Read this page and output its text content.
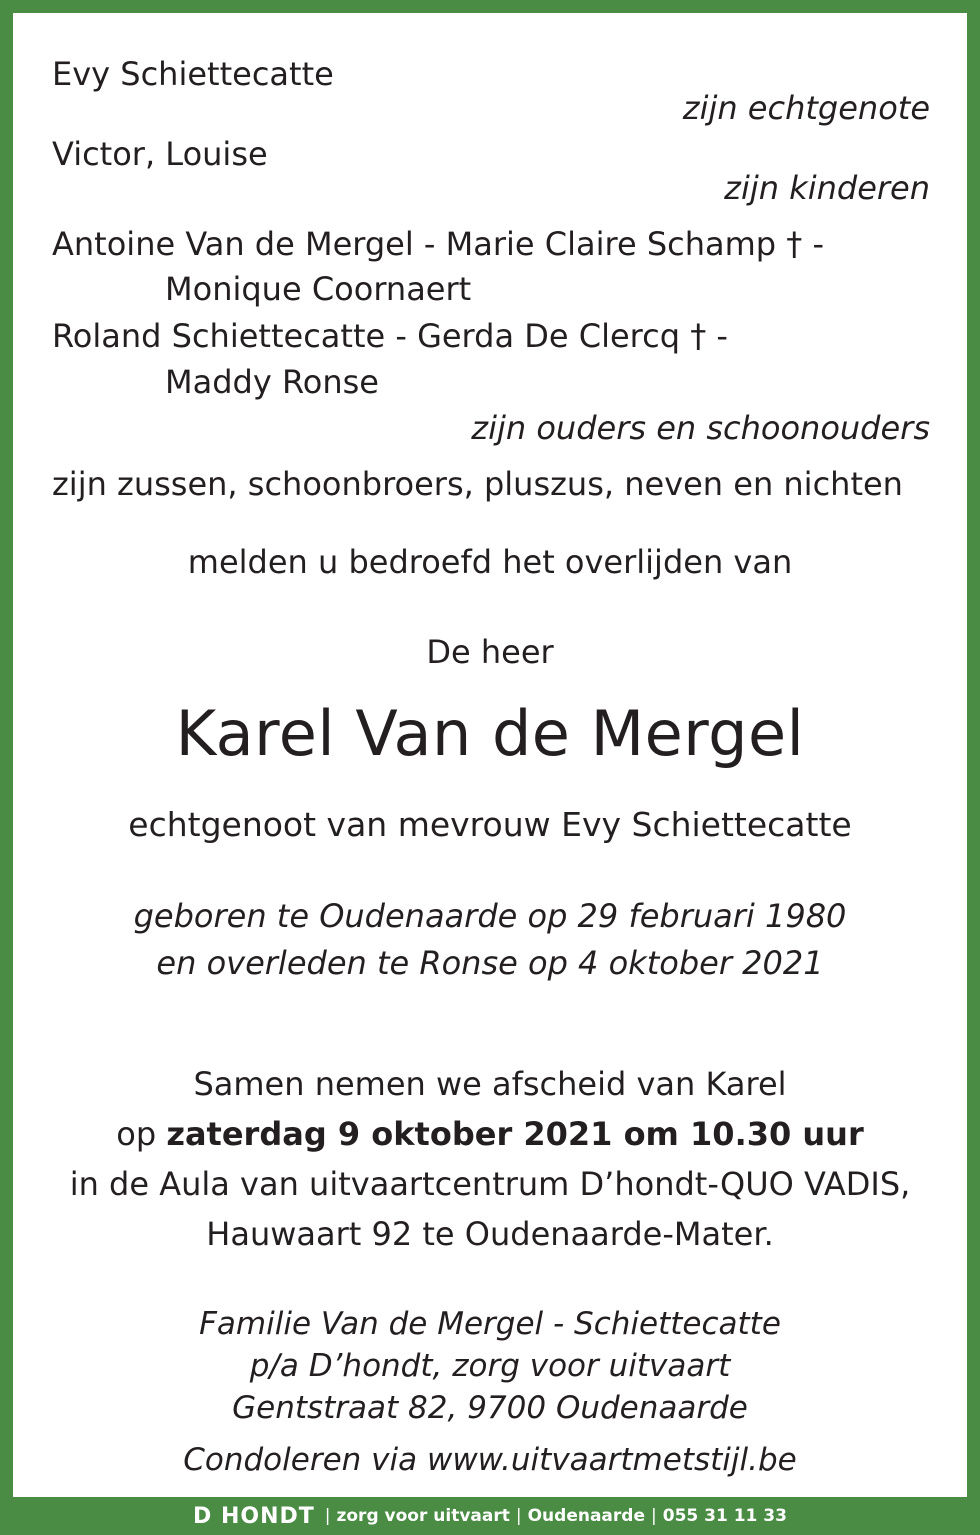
Evy Schiettecatte
zijn echtgenote
Victor, Louise
zijn kinderen
Antoine Van de Mergel - Marie Claire Schamp † -
Monique Coornaert
Roland Schiettecatte - Gerda De Clercq † -
Maddy Ronse
zijn ouders en schoonouders
zijn zussen, schoonbroers, pluszus, neven en nichten
melden u bedroefd het overlijden van
De heer
Karel Van de Mergel
echtgenoot van mevrouw Evy Schiettecatte
geboren te Oudenaarde op 29 februari 1980
en overleden te Ronse op 4 oktober 2021
Samen nemen we afscheid van Karel
op zaterdag 9 oktober 2021 om 10.30 uur
in de Aula van uitvaartcentrum D’hondt-QUO VADIS,
Hauwaart 92 te Oudenaarde-Mater.
Familie Van de Mergel - Schiettecatte
p/a D’hondt, zorg voor uitvaart
Gentstraat 82, 9700 Oudenaarde
Condoleren via www.uitvaartmetstijl.be
D HONDT | zorg voor uitvaart | Oudenaarde | 055 31 11 33
